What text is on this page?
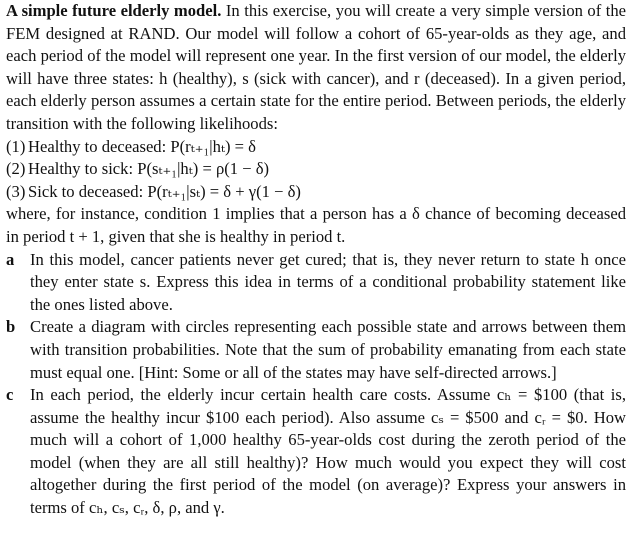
A simple future elderly model. In this exercise, you will create a very simple version of the FEM designed at RAND. Our model will follow a cohort of 65-year-olds as they age, and each period of the model will represent one year. In the first version of our model, the elderly will have three states: h (healthy), s (sick with cancer), and r (deceased). In a given period, each elderly person assumes a certain state for the entire period. Between periods, the elderly transition with the following likelihoods:

(1) Healthy to deceased: P(rₜ₊₁|hₜ) = δ
(2) Healthy to sick: P(sₜ₊₁|hₜ) = ρ(1 − δ)
(3) Sick to deceased: P(rₜ₊₁|sₜ) = δ + γ(1 − δ)

where, for instance, condition 1 implies that a person has a δ chance of becoming deceased in period t + 1, given that she is healthy in period t.

a In this model, cancer patients never get cured; that is, they never return to state h once they enter state s. Express this idea in terms of a conditional probability statement like the ones listed above.
b Create a diagram with circles representing each possible state and arrows between them with transition probabilities. Note that the sum of probability emanating from each state must equal one. [Hint: Some or all of the states may have self-directed arrows.]
c	In each period, the elderly incur certain health care costs. Assume cₕ = $100 (that is, assume the healthy incur $100 each period). Also assume cₛ = $500 and cᵣ = $0. How much will a cohort of 1,000 healthy 65-year-olds cost during the zeroth period of the model (when they are all still healthy)? How much would you expect they will cost altogether during the first period of the model (on average)? Express your answers in terms of cₕ, cₛ, cᵣ, δ, ρ, and γ.
